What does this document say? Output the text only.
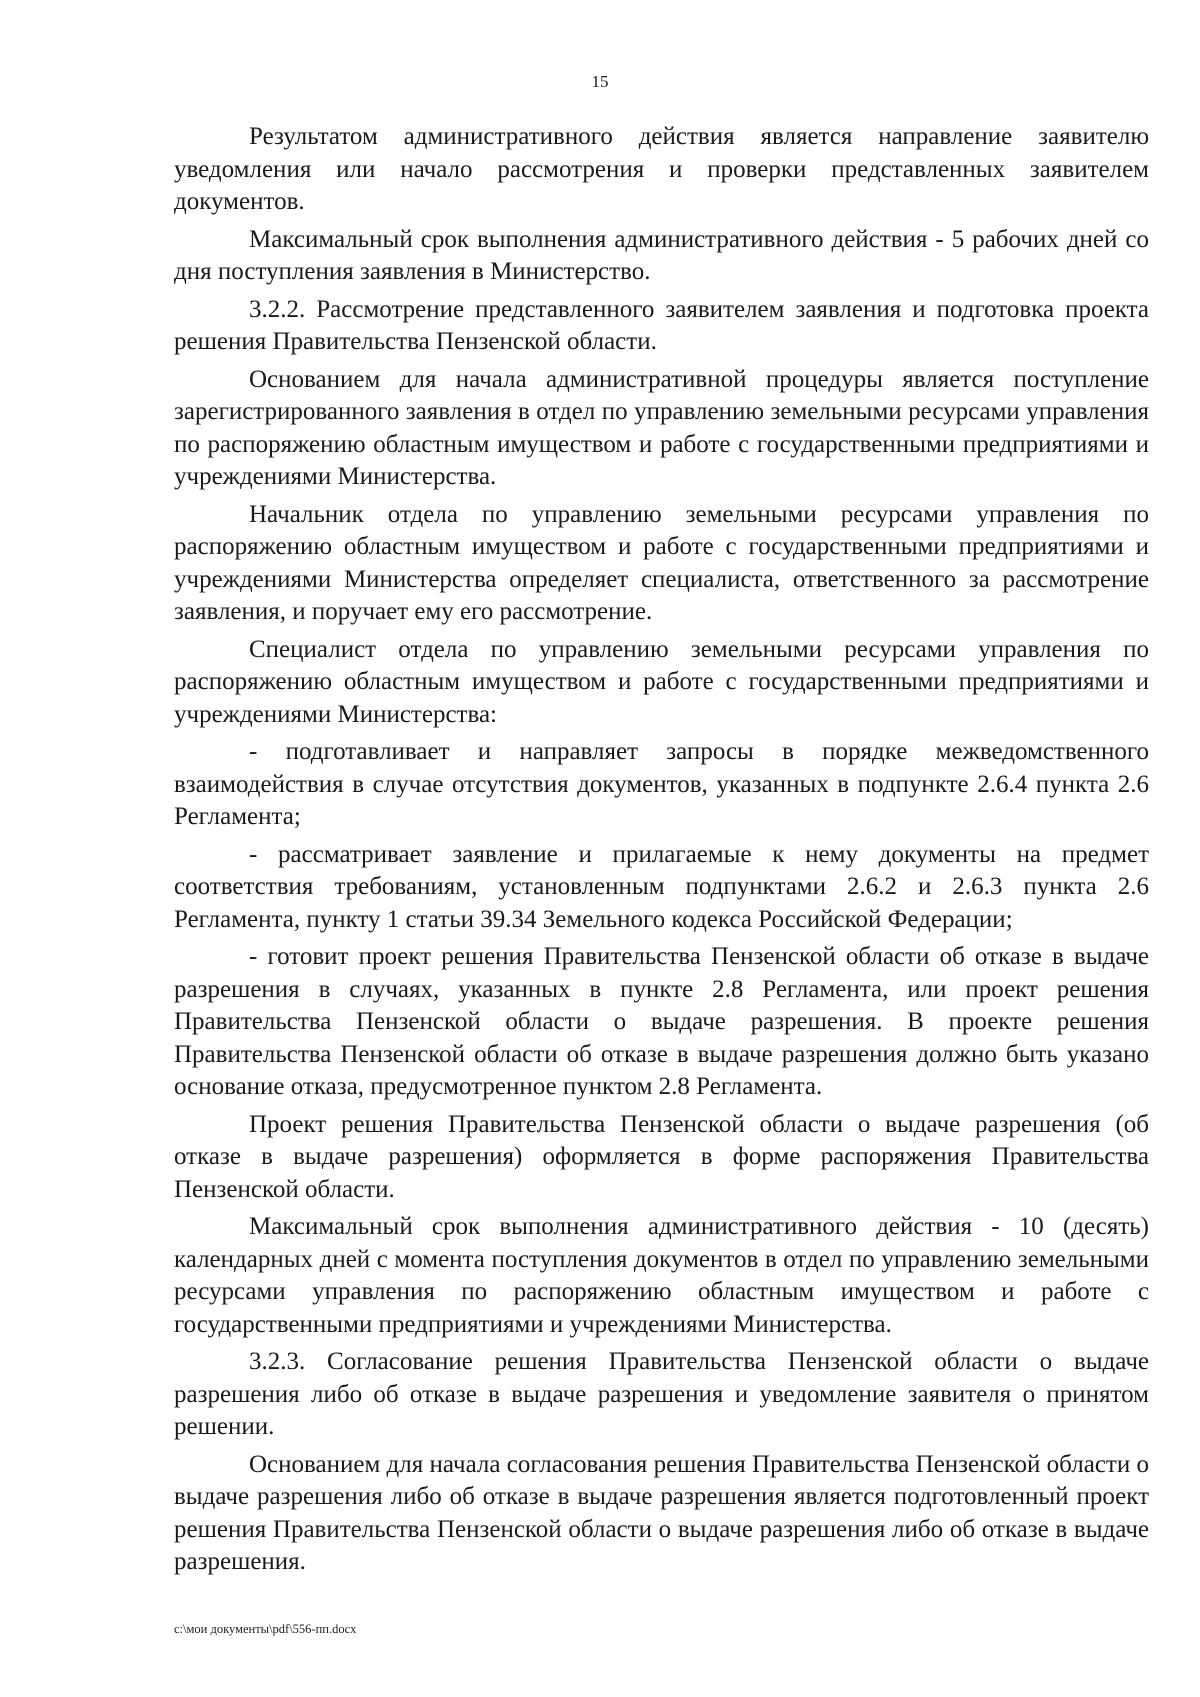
15

Результатом административного действия является направление заявителю уведомления или начало рассмотрения и проверки представленных заявителем документов.

Максимальный срок выполнения административного действия - 5 рабочих дней со дня поступления заявления в Министерство.

3.2.2. Рассмотрение представленного заявителем заявления и подготовка проекта решения Правительства Пензенской области.

Основанием для начала административной процедуры является поступление зарегистрированного заявления в отдел по управлению земельными ресурсами управления по распоряжению областным имуществом и работе с государственными предприятиями и учреждениями Министерства.

Начальник отдела по управлению земельными ресурсами управления по распоряжению областным имуществом и работе с государственными предприятиями и учреждениями Министерства определяет специалиста, ответственного за рассмотрение заявления, и поручает ему его рассмотрение.

Специалист отдела по управлению земельными ресурсами управления по распоряжению областным имуществом и работе с государственными предприятиями и учреждениями Министерства:

- подготавливает и направляет запросы в порядке межведомственного взаимодействия в случае отсутствия документов, указанных в подпункте 2.6.4 пункта 2.6 Регламента;

- рассматривает заявление и прилагаемые к нему документы на предмет соответствия требованиям, установленным подпунктами 2.6.2 и 2.6.3 пункта 2.6 Регламента, пункту 1 статьи 39.34 Земельного кодекса Российской Федерации;

- готовит проект решения Правительства Пензенской области об отказе в выдаче разрешения в случаях, указанных в пункте 2.8 Регламента, или проект решения Правительства Пензенской области о выдаче разрешения. В проекте решения Правительства Пензенской области об отказе в выдаче разрешения должно быть указано основание отказа, предусмотренное пунктом 2.8 Регламента.

Проект решения Правительства Пензенской области о выдаче разрешения (об отказе в выдаче разрешения) оформляется в форме распоряжения Правительства Пензенской области.

Максимальный срок выполнения административного действия - 10 (десять) календарных дней с момента поступления документов в отдел по управлению земельными ресурсами управления по распоряжению областным имуществом и работе с государственными предприятиями и учреждениями Министерства.

3.2.3. Согласование решения Правительства Пензенской области о выдаче разрешения либо об отказе в выдаче разрешения и уведомление заявителя о принятом решении.

Основанием для начала согласования решения Правительства Пензенской области о выдаче разрешения либо об отказе в выдаче разрешения является подготовленный проект решения Правительства Пензенской области о выдаче разрешения либо об отказе в выдаче разрешения.

c:\мои документы\pdf\556-пп.docx
